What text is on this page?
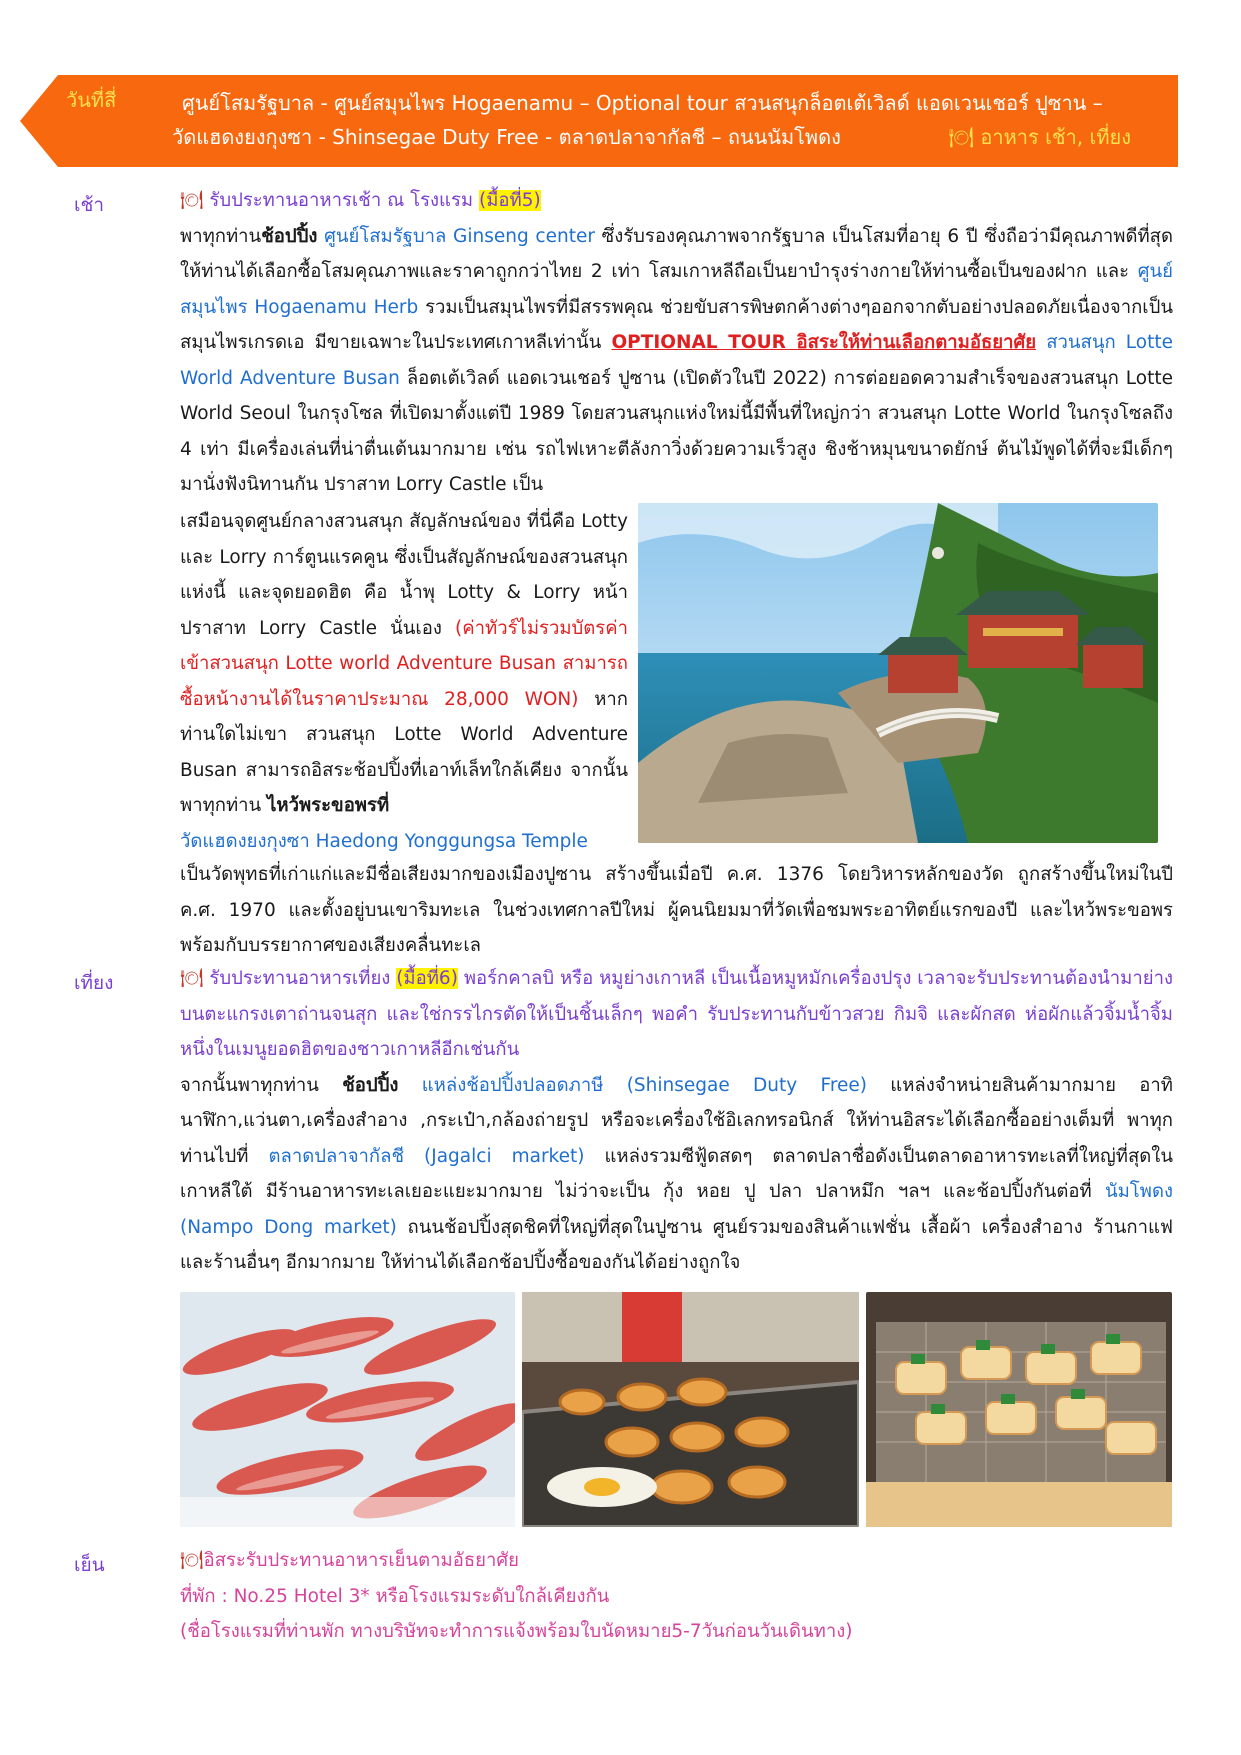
วันที่สี่	ศูนย์โสมรัฐบาล - ศูนย์สมุนไพร Hogaenamu – Optional tour สวนสนุกล็อตเต้เวิลด์ แอดเวนเชอร์ ปูซาน –
วัดแฮดงยงกุงซา - Shinsegae Duty Free - ตลาดปลาจากัลชี – ถนนนัมโพดง	🍽 อาหาร เช้า, เที่ยง
เช้า	🍽 รับประทานอาหารเช้า ณ โรงแรม (มื้อที่5)

พาทุกท่านช้อปปิ้ง ศูนย์โสมรัฐบาล Ginseng center ซึ่งรับรองคุณภาพจากรัฐบาล เป็นโสมที่อายุ 6 ปี ซึ่งถือว่ามีคุณภาพดีที่สุด ให้ท่านได้เลือกซื้อโสมคุณภาพและราคาถูกกว่าไทย 2 เท่า โสมเกาหลีถือเป็นยาบำรุงร่างกายให้ท่านซื้อเป็นของฝาก และ ศูนย์สมุนไพร Hogaenamu Herb รวมเป็นสมุนไพรที่มีสรรพคุณ ช่วยขับสารพิษตกค้างต่างๆออกจากตับอย่างปลอดภัยเนื่องจากเป็นสมุนไพรเกรดเอ มีขายเฉพาะในประเทศเกาหลีเท่านั้น OPTIONAL TOUR อิสระให้ท่านเลือกตามอัธยาศัย สวนสนุก Lotte World Adventure Busan ล็อตเต้เวิลด์ แอดเวนเชอร์ ปูซาน (เปิดตัวในปี 2022) การต่อยอดความสำเร็จของสวนสนุก Lotte World Seoul ในกรุงโซล ที่เปิดมาตั้งแต่ปี 1989 โดยสวนสนุกแห่งใหม่นี้มีพื้นที่ใหญ่กว่า สวนสนุก Lotte World ในกรุงโซลถึง 4 เท่า มีเครื่องเล่นที่น่าตื่นเต้นมากมาย เช่น รถไฟเหาะตีลังกาวิ่งด้วยความเร็วสูง ชิงช้าหมุนขนาดยักษ์ ต้นไม้พูดได้ที่จะมีเด็กๆมานั่งฟังนิทานกัน ปราสาท Lorry Castle เป็น

เสมือนจุดศูนย์กลางสวนสนุก สัญลักษณ์ของ ที่นี่คือ Lotty และ Lorry การ์ตูนแรคคูน ซึ่งเป็นสัญลักษณ์ของสวนสนุกแห่งนี้ และจุดยอดฮิต คือ น้ำพุ Lotty & Lorry หน้าปราสาท Lorry Castle นั่นเอง (ค่าทัวร์ไม่รวมบัตรค่าเข้าสวนสนุก Lotte world Adventure Busan สามารถซื้อหน้างานได้ในราคาประมาณ 28,000 WON) หากท่านใดไม่เขา สวนสนุก Lotte World Adventure Busan สามารถอิสระช้อปปิ้งที่เอาท์เล็ทใกล้เคียง จากนั้นพาทุกท่าน ไหว้พระขอพรที่
วัดแฮดงยงกุงซา Haedong Yonggungsa Temple

เป็นวัดพุทธที่เก่าแก่และมีชื่อเสียงมากของเมืองปูซาน สร้างขึ้นเมื่อปี ค.ศ. 1376 โดยวิหารหลักของวัด ถูกสร้างขึ้นใหม่ในปี ค.ศ. 1970 และตั้งอยู่บนเขาริมทะเล ในช่วงเทศกาลปีใหม่ ผู้คนนิยมมาที่วัดเพื่อชมพระอาทิตย์แรกของปี และไหว้พระขอพรพร้อมกับบรรยากาศของเสียงคลื่นทะเล

เที่ยง	🍽 รับประทานอาหารเที่ยง (มื้อที่6) พอร์กคาลบิ หรือ หมูย่างเกาหลี เป็นเนื้อหมูหมักเครื่องปรุง เวลาจะรับประทานต้องนำมาย่างบนตะแกรงเตาถ่านจนสุก และใช่กรรไกรตัดให้เป็นชิ้นเล็กๆ พอคำ รับประทานกับข้าวสวย กิมจิ และผักสด ห่อผักแล้วจิ้มน้ำจิ้ม หนึ่งในเมนูยอดฮิตของชาวเกาหลีอีกเช่นกัน

จากนั้นพาทุกท่าน ช้อปปิ้ง แหล่งช้อปปิ้งปลอดภาษี (Shinsegae Duty Free) แหล่งจำหน่ายสินค้ามากมาย อาทินาฬิกา,แว่นตา,เครื่องสำอาง ,กระเป๋า,กล้องถ่ายรูป หรือจะเครื่องใช้อิเลกทรอนิกส์ ให้ท่านอิสระได้เลือกซื้ออย่างเต็มที่ พาทุกท่านไปที่ ตลาดปลาจากัลชี (Jagalci market) แหล่งรวมซีฟู้ดสดๆ ตลาดปลาชื่อดังเป็นตลาดอาหารทะเลที่ใหญ่ที่สุดในเกาหลีใต้ มีร้านอาหารทะเลเยอะแยะมากมาย ไม่ว่าจะเป็น กุ้ง หอย ปู ปลา ปลาหมึก ฯลฯ และช้อปปิ้งกันต่อที่ นัมโพดง (Nampo Dong market) ถนนช้อปปิ้งสุดชิคที่ใหญ่ที่สุดในปูซาน ศูนย์รวมของสินค้าแฟชั่น เสื้อผ้า เครื่องสำอาง ร้านกาแฟ และร้านอื่นๆ อีกมากมาย ให้ท่านได้เลือกช้อปปิ้งซื้อของกันได้อย่างถูกใจ

เย็น	🍽อิสระรับประทานอาหารเย็นตามอัธยาศัย

ที่พัก : No.25 Hotel 3* หรือโรงแรมระดับใกล้เคียงกัน

(ชื่อโรงแรมที่ท่านพัก ทางบริษัทจะทำการแจ้งพร้อมใบนัดหมาย5-7วันก่อนวันเดินทาง)
